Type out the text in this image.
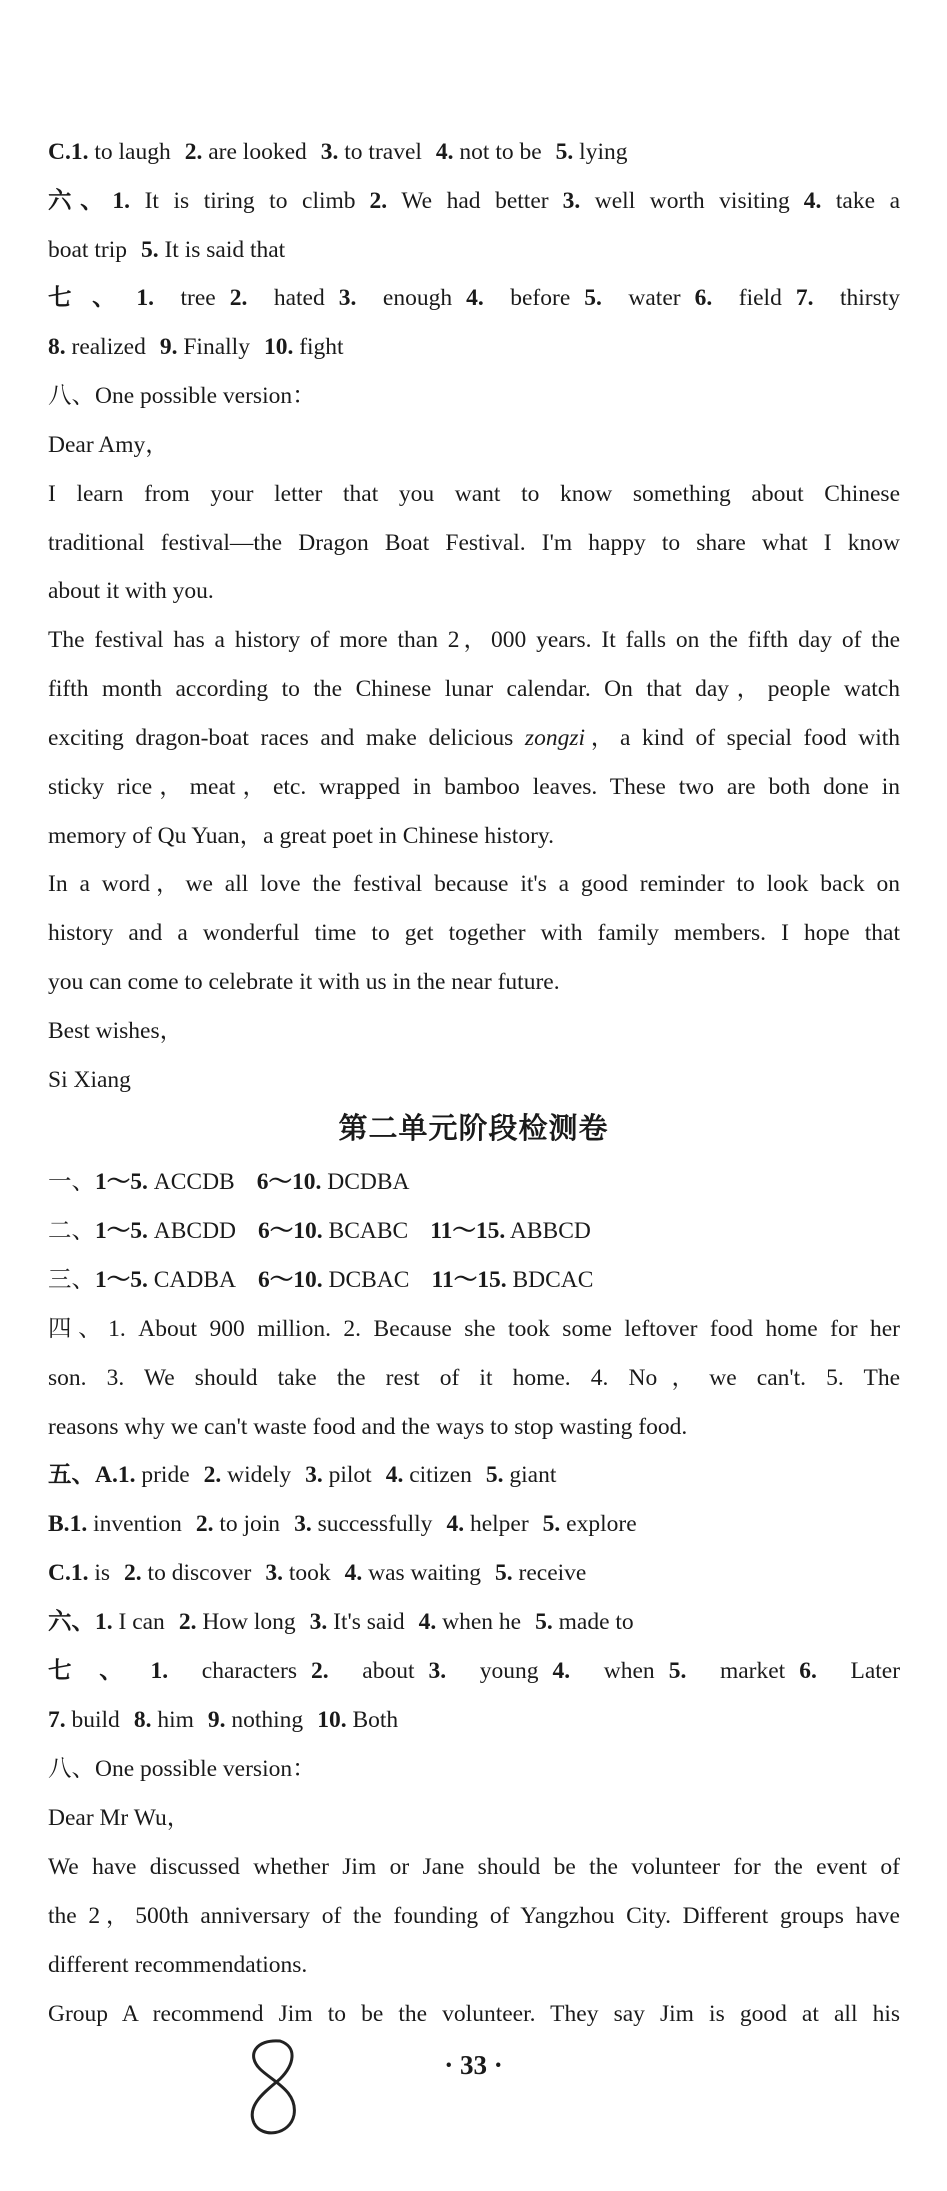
C.1. to laugh 2. are looked 3. to travel 4. not to be 5. lying
六、1. It is tiring to climb 2. We had better 3. well worth visiting 4. take a
boat trip 5. It is said that
七、1. tree 2. hated 3. enough 4. before 5. water 6. field 7. thirsty
8. realized 9. Finally 10. fight
八、One possible version：
Dear Amy，
I learn from your letter that you want to know something about Chinese
traditional festival—the Dragon Boat Festival. I'm happy to share what I know
about it with you.
The festival has a history of more than 2，000 years. It falls on the fifth day of the
fifth month according to the Chinese lunar calendar. On that day，people watch
exciting dragon-boat races and make delicious zongzi，a kind of special food with
sticky rice，meat，etc. wrapped in bamboo leaves. These two are both done in
memory of Qu Yuan，a great poet in Chinese history.
In a word，we all love the festival because it's a good reminder to look back on
history and a wonderful time to get together with family members. I hope that
you can come to celebrate it with us in the near future.
Best wishes，
Si Xiang
第二单元阶段检测卷
一、1～5. ACCDB 6～10. DCDBA
二、1～5. ABCDD 6～10. BCABC 11～15. ABBCD
三、1～5. CADBA 6～10. DCBAC 11～15. BDCAC
四、1. About 900 million. 2. Because she took some leftover food home for her
son. 3. We should take the rest of it home. 4. No，we can't. 5. The
reasons why we can't waste food and the ways to stop wasting food.
五、A.1. pride 2. widely 3. pilot 4. citizen 5. giant
B.1. invention 2. to join 3. successfully 4. helper 5. explore
C.1. is 2. to discover 3. took 4. was waiting 5. receive
六、1. I can 2. How long 3. It's said 4. when he 5. made to
七、1. characters 2. about 3. young 4. when 5. market 6. Later
7. build 8. him 9. nothing 10. Both
八、One possible version：
Dear Mr Wu，
We have discussed whether Jim or Jane should be the volunteer for the event of
the 2，500th anniversary of the founding of Yangzhou City. Different groups have
different recommendations.
Group A recommend Jim to be the volunteer. They say Jim is good at all his
· 33 ·
